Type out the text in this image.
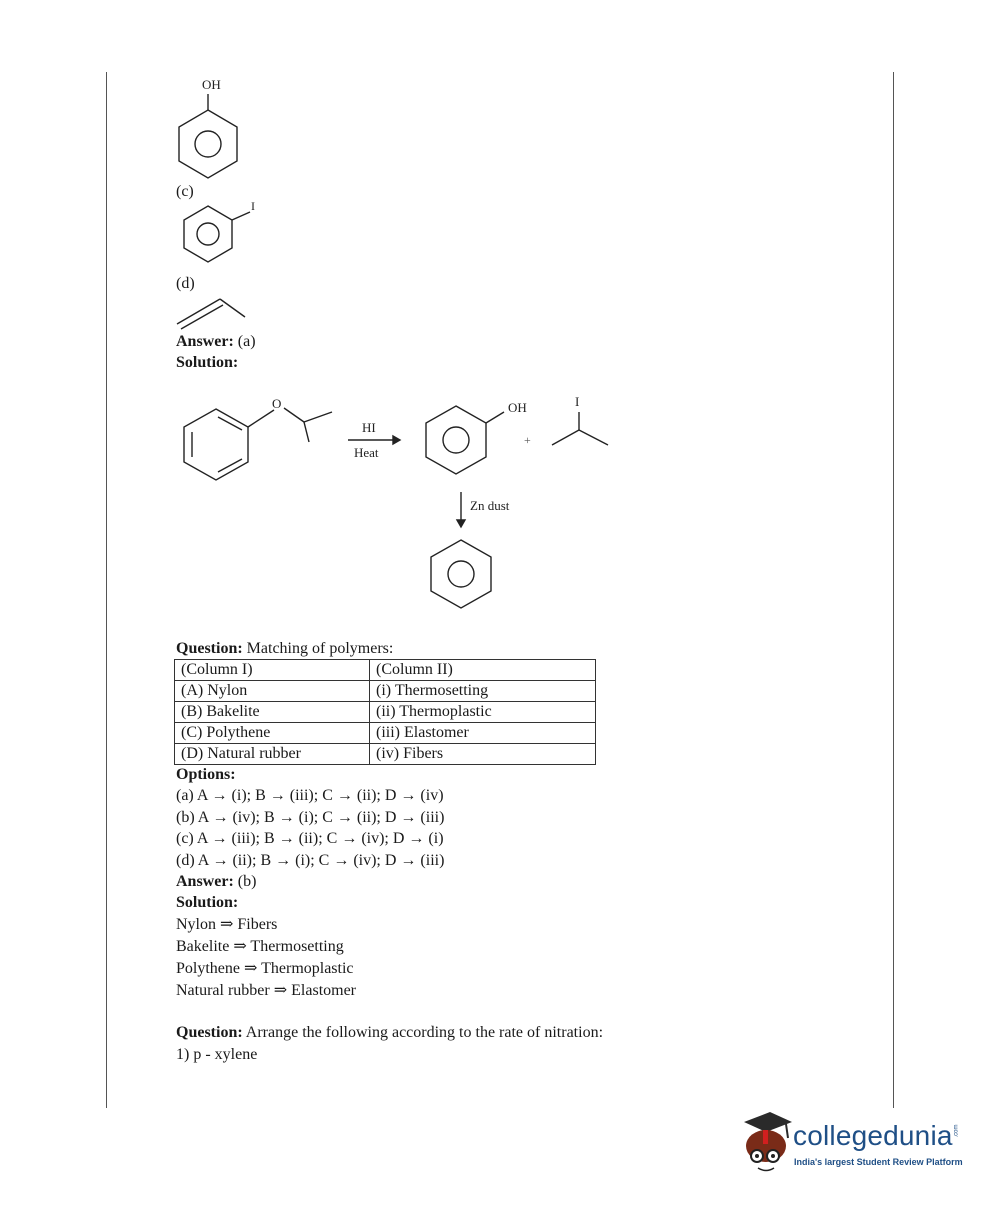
OH
(c)
I
(d)
Answer: (a)
Solution:
O
HI
Heat
OH
+
I
Zn dust
Question: Matching of polymers:
(Column I)	(Column II)
(A) Nylon	(i) Thermosetting
(B) Bakelite	(ii) Thermoplastic
(C) Polythene	(iii) Elastomer
(D) Natural rubber	(iv) Fibers
Options:
(a) A → (i); B → (iii); C → (ii); D → (iv)
(b) A → (iv); B → (i); C → (ii); D → (iii)
(c) A → (iii); B → (ii); C → (iv); D → (i)
(d) A → (ii); B → (i); C → (iv); D → (iii)
Answer: (b)
Solution:
Nylon ⇒ Fibers
Bakelite ⇒ Thermosetting
Polythene ⇒ Thermoplastic
Natural rubber ⇒ Elastomer
Question: Arrange the following according to the rate of nitration:
1) p - xylene
collegedunia .com
India's largest Student Review Platform
